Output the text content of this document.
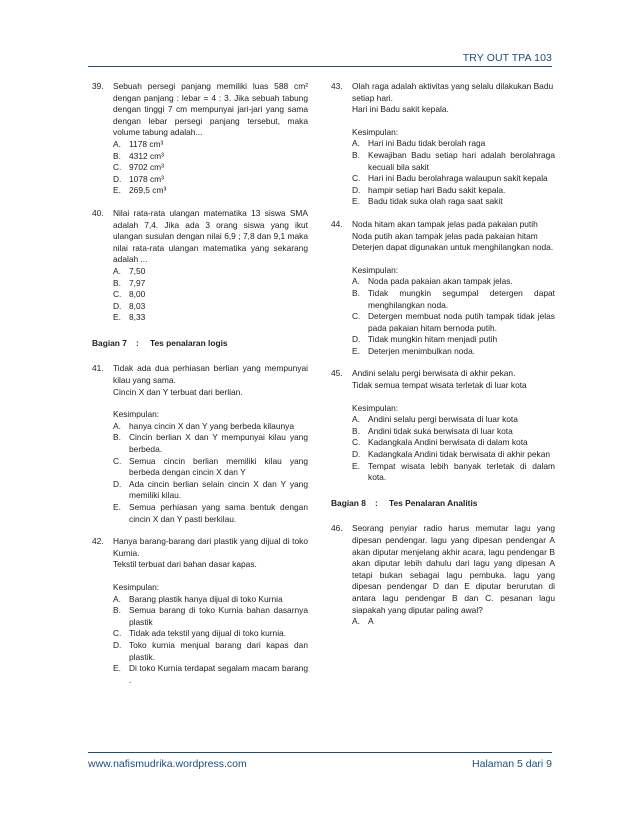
TRY OUT TPA 103
39.	Sebuah persegi panjang memiliki luas 588 cm² dengan panjang : lebar = 4 : 3. Jika sebuah tabung dengan tinggi 7 cm mempunyai jari-jari yang sama dengan lebar persegi panjang tersebut, maka volume tabung adalah...

A. 1178 cm³
B. 4312 cm³
C. 9702 cm³
D. 1078 cm³
E. 269,5 cm³
40.	Nilai rata-rata ulangan matematika 13 siswa SMA adalah 7,4. Jika ada 3 orang siswa yang ikut ulangan susulan dengan nilai 6,9 ; 7,8 dan 9,1 maka nilai rata-rata ulangan matematika yang sekarang adalah ...

A. 7,50
B. 7,97
C. 8,00
D. 8,03
E. 8,33
Bagian 7	:	Tes penalaran logis
41.	Tidak ada dua perhiasan berlian yang mempunyai kilau yang sama.

Cincin X dan Y terbuat dari berlian.

Kesimpulan:

A. hanya cincin X dan Y yang berbeda kilaunya
B. Cincin berlian X dan Y mempunyai kilau yang berbeda.
C. Semua cincin berlian memiliki kilau yang berbeda dengan cincin X dan Y
D. Ada cincin berlian selain cincin X dan Y yang memiliki kilau.
E. Semua perhiasan yang sama bentuk dengan cincin X dan Y pasti berkilau.
42.	Hanya barang-barang dari plastik yang dijual di toko Kurnia.

Tekstil terbuat dari bahan dasar kapas.

Kesimpulan:

A. Barang plastik hanya dijual di toko Kurnia
B. Semua barang di toko Kurnia bahan dasarnya plastik
C. Tidak ada tekstil yang dijual di toko kurnia.
D. Toko kurnia menjual barang dari kapas dan plastik.
E. Di toko Kurnia terdapat segalam macam barang .
43.	Olah raga adalah aktivitas yang selalu dilakukan Badu setiap hari.

Hari ini Badu sakit kepala.

Kesimpulan:

A. Hari ini Badu tidak berolah raga
B. Kewajiban Badu setiap hari adalah berolahraga kecuali bila sakit
C. Hari ini Badu berolahraga walaupun sakit kepala
D. hampir setiap hari Badu sakit kepala.
E. Badu tidak suka olah raga saat sakit
44.	Noda hitam akan tampak jelas pada pakaian putih

Noda putih akan tampak jelas pada pakaian hitam

Deterjen dapat digunakan untuk menghilangkan noda.

Kesimpulan:

A. Noda pada pakaian akan tampak jelas.
B. Tidak mungkin segumpal detergen dapat menghilangkan noda.
C. Detergen membuat noda putih tampak tidak jelas pada pakaian hitam bernoda putih.
D. Tidak mungkin hitam menjadi putih
E. Deterjen menimbulkan noda.
45.	Andini selalu pergi berwisata di akhir pekan.

Tidak semua tempat wisata terletak di luar kota

Kesimpulan:

A. Andini selalu pergi berwisata di luar kota
B. Andini tidak suka berwisata di luar kota
C. Kadangkala Andini berwisata di dalam kota
D. Kadangkala Andini tidak berwisata di akhir pekan
E. Tempat wisata lebih banyak terletak di dalam kota.
Bagian 8	:	Tes Penalaran Analitis
46.	Seorang penyiar radio harus memutar lagu yang dipesan pendengar. lagu yang dipesan pendengar A akan diputar menjelang akhir acara, lagu pendengar B akan diputar lebih dahulu dari lagu yang dipesan A tetapi bukan sebagai lagu pembuka. lagu yang dipesan pendengar D dan E diputar berurutan di antara lagu pendengar B dan C. pesanan lagu siapakah yang diputar paling awal?

A. A
www.nafismudrika.wordpress.com	Halaman 5 dari 9
